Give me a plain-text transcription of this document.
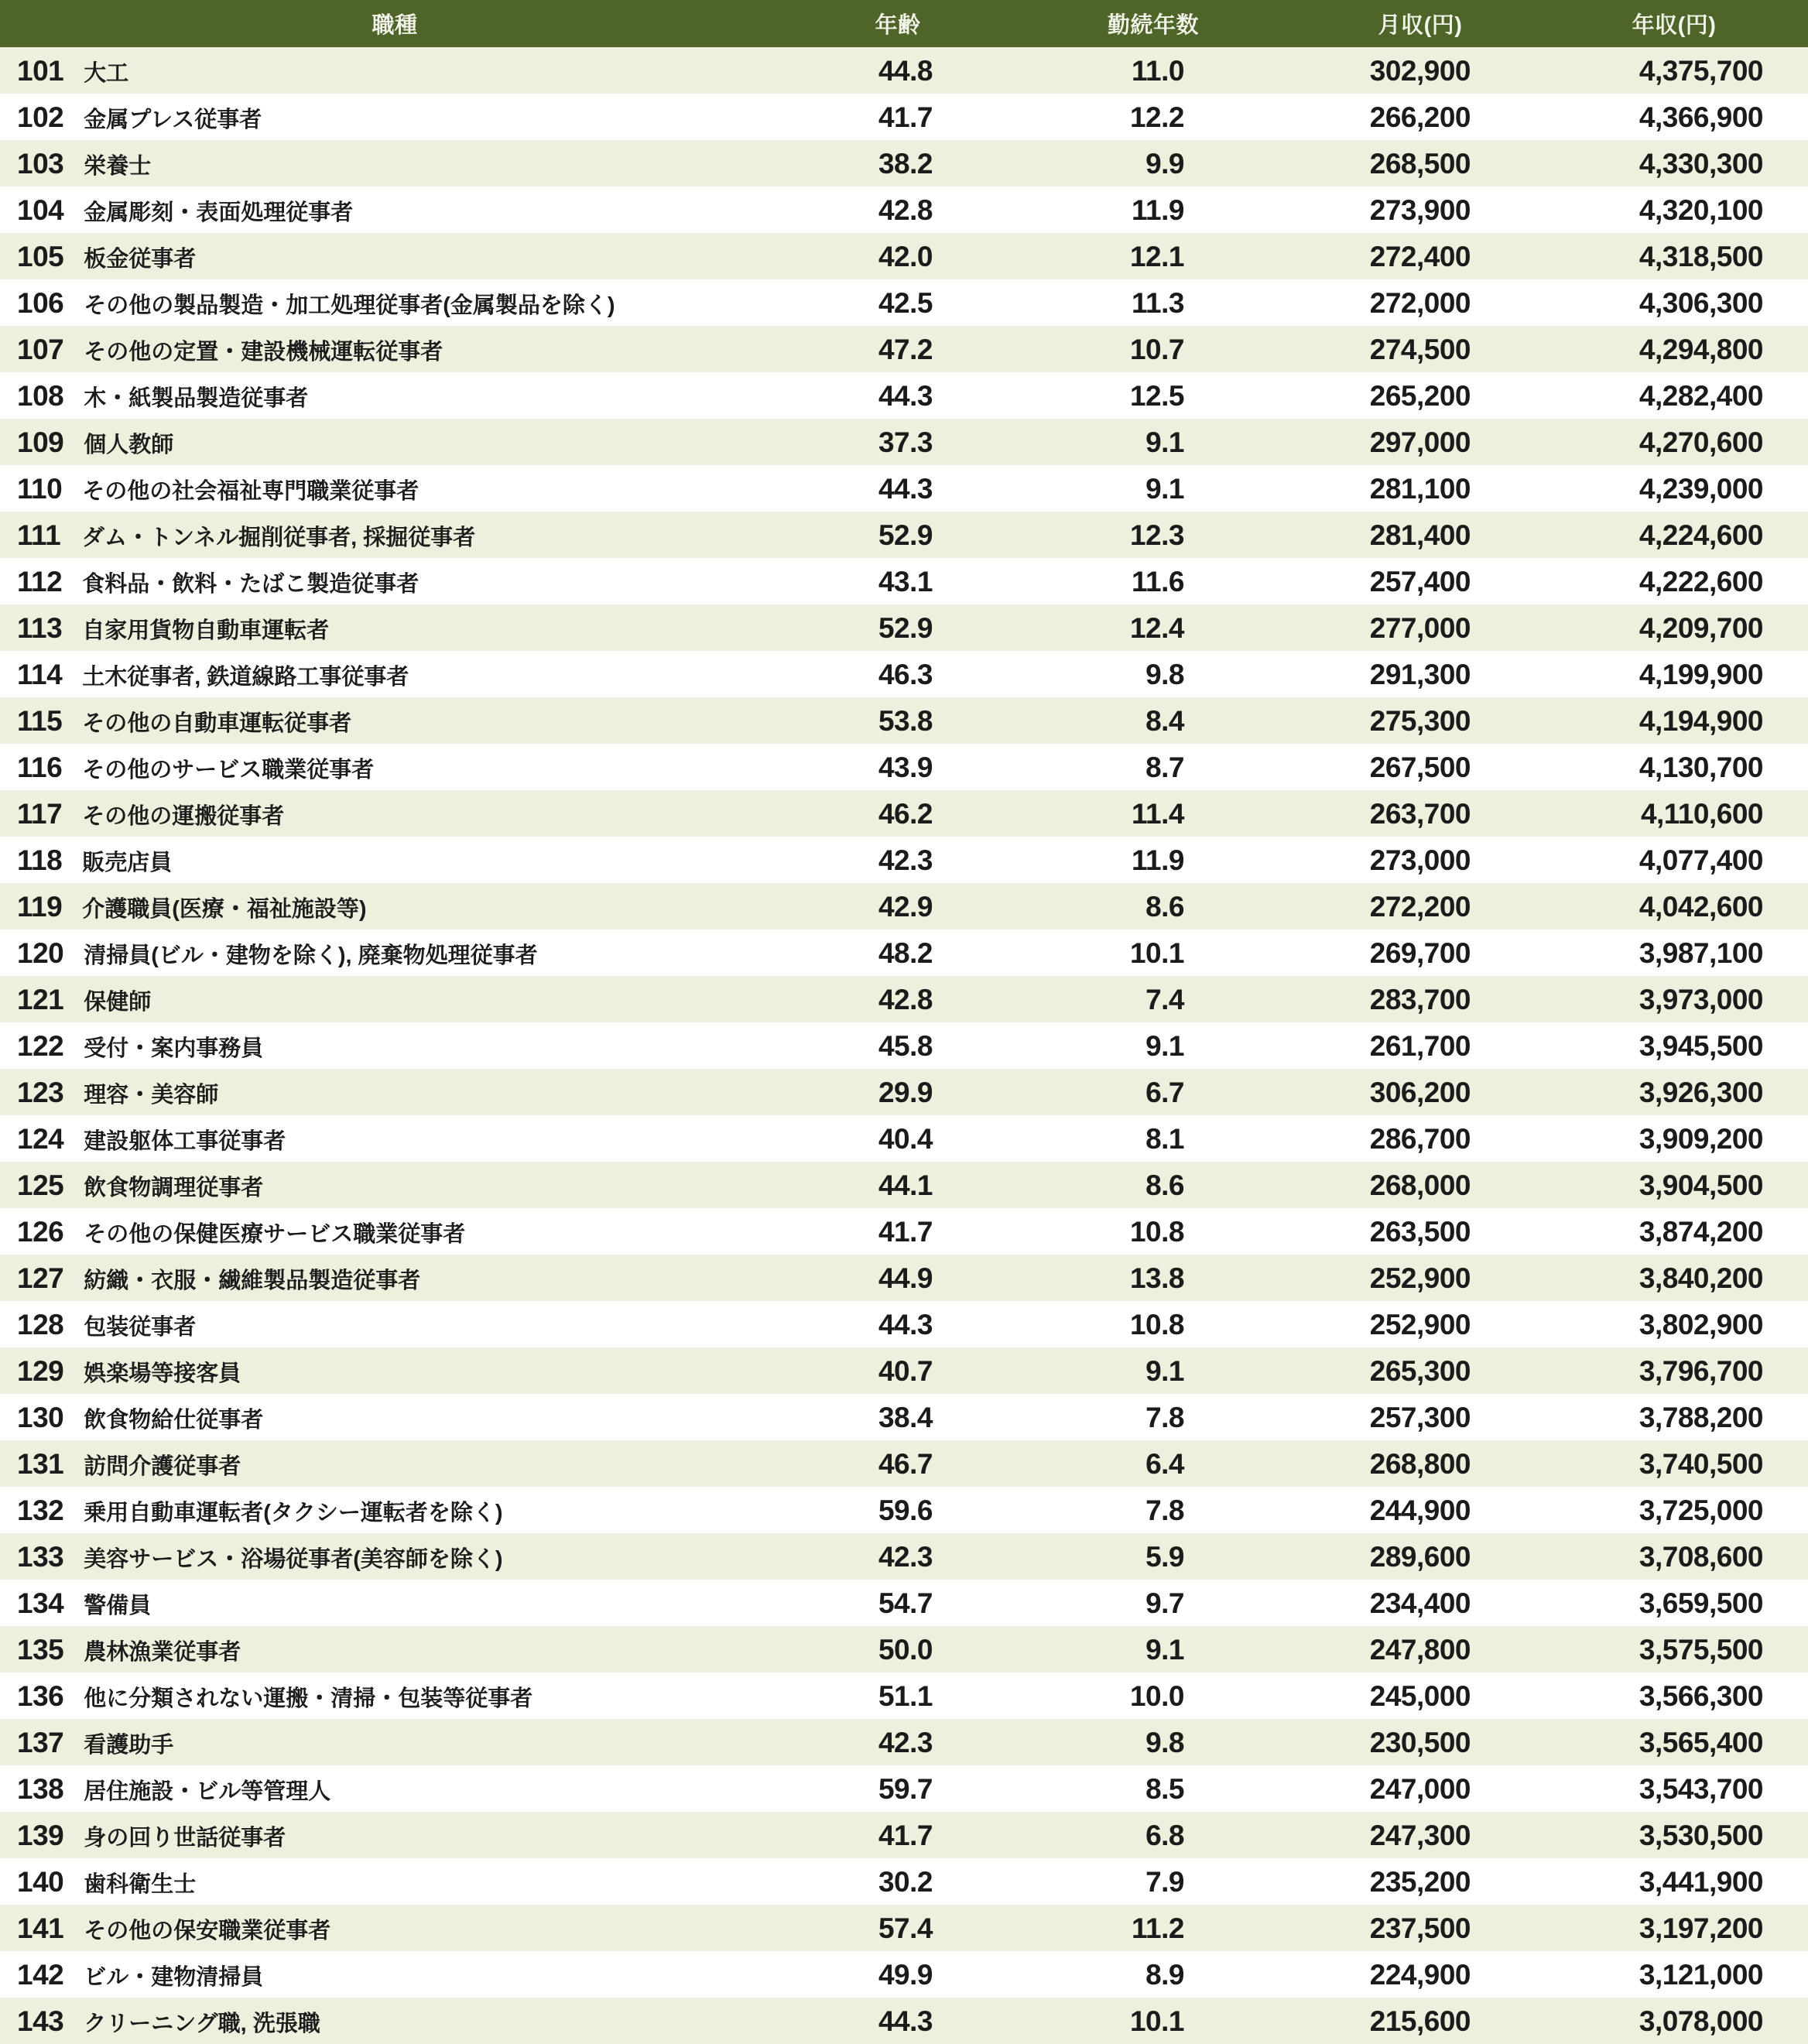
職種	年齢	勤続年数	月収(円)	年収(円)
101 大工	44.8	11.0	302,900	4,375,700
102 金属プレス従事者	41.7	12.2	266,200	4,366,900
103 栄養士	38.2	9.9	268,500	4,330,300
104 金属彫刻・表面処理従事者	42.8	11.9	273,900	4,320,100
105 板金従事者	42.0	12.1	272,400	4,318,500
106 その他の製品製造・加工処理従事者(金属製品を除く)	42.5	11.3	272,000	4,306,300
107 その他の定置・建設機械運転従事者	47.2	10.7	274,500	4,294,800
108 木・紙製品製造従事者	44.3	12.5	265,200	4,282,400
109 個人教師	37.3	9.1	297,000	4,270,600
110 その他の社会福祉専門職業従事者	44.3	9.1	281,100	4,239,000
111 ダム・トンネル掘削従事者, 採掘従事者	52.9	12.3	281,400	4,224,600
112 食料品・飲料・たばこ製造従事者	43.1	11.6	257,400	4,222,600
113 自家用貨物自動車運転者	52.9	12.4	277,000	4,209,700
114 土木従事者, 鉄道線路工事従事者	46.3	9.8	291,300	4,199,900
115 その他の自動車運転従事者	53.8	8.4	275,300	4,194,900
116 その他のサービス職業従事者	43.9	8.7	267,500	4,130,700
117 その他の運搬従事者	46.2	11.4	263,700	4,110,600
118 販売店員	42.3	11.9	273,000	4,077,400
119 介護職員(医療・福祉施設等)	42.9	8.6	272,200	4,042,600
120 清掃員(ビル・建物を除く), 廃棄物処理従事者	48.2	10.1	269,700	3,987,100
121 保健師	42.8	7.4	283,700	3,973,000
122 受付・案内事務員	45.8	9.1	261,700	3,945,500
123 理容・美容師	29.9	6.7	306,200	3,926,300
124 建設躯体工事従事者	40.4	8.1	286,700	3,909,200
125 飲食物調理従事者	44.1	8.6	268,000	3,904,500
126 その他の保健医療サービス職業従事者	41.7	10.8	263,500	3,874,200
127 紡織・衣服・繊維製品製造従事者	44.9	13.8	252,900	3,840,200
128 包装従事者	44.3	10.8	252,900	3,802,900
129 娯楽場等接客員	40.7	9.1	265,300	3,796,700
130 飲食物給仕従事者	38.4	7.8	257,300	3,788,200
131 訪問介護従事者	46.7	6.4	268,800	3,740,500
132 乗用自動車運転者(タクシー運転者を除く)	59.6	7.8	244,900	3,725,000
133 美容サービス・浴場従事者(美容師を除く)	42.3	5.9	289,600	3,708,600
134 警備員	54.7	9.7	234,400	3,659,500
135 農林漁業従事者	50.0	9.1	247,800	3,575,500
136 他に分類されない運搬・清掃・包装等従事者	51.1	10.0	245,000	3,566,300
137 看護助手	42.3	9.8	230,500	3,565,400
138 居住施設・ビル等管理人	59.7	8.5	247,000	3,543,700
139 身の回り世話従事者	41.7	6.8	247,300	3,530,500
140 歯科衛生士	30.2	7.9	235,200	3,441,900
141 その他の保安職業従事者	57.4	11.2	237,500	3,197,200
142 ビル・建物清掃員	49.9	8.9	224,900	3,121,000
143 クリーニング職, 洗張職	44.3	10.1	215,600	3,078,000
